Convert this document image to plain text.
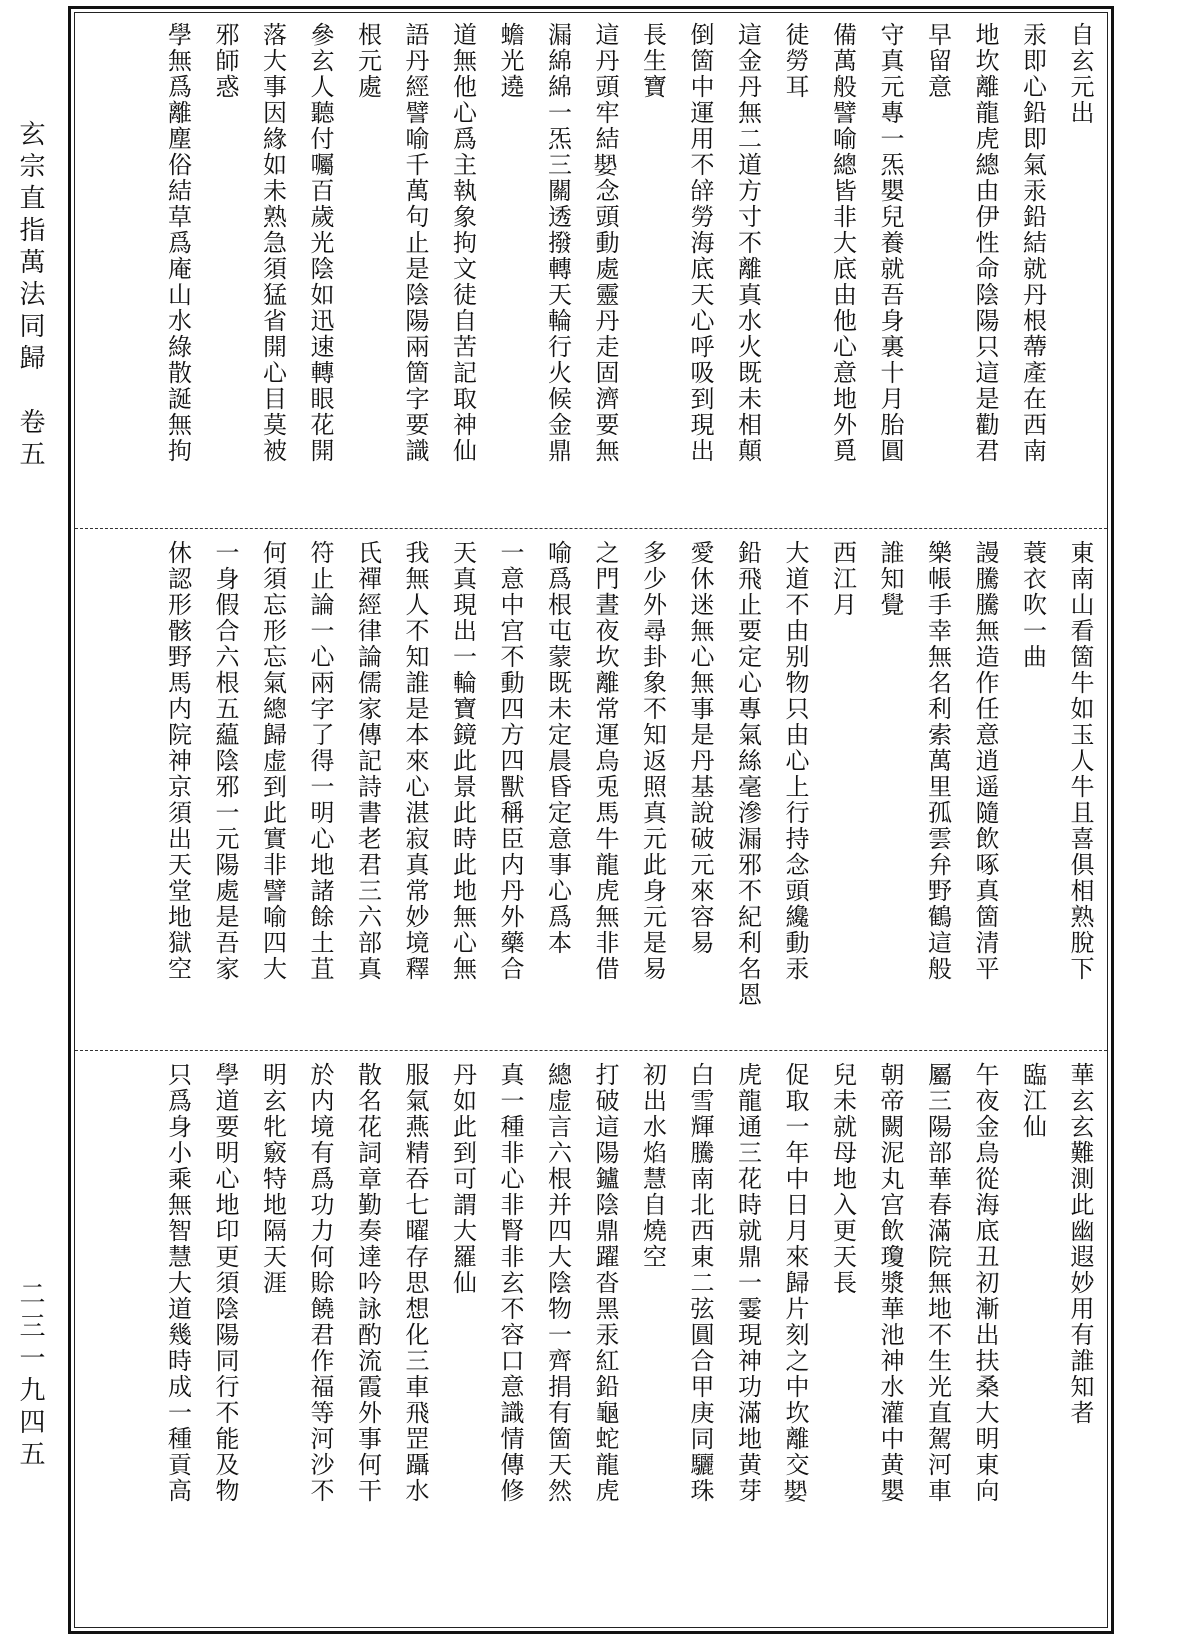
玄宗直指萬法同歸　卷五
二三一九四五
自玄元出
汞即心鉛即氣汞鉛結就丹根蔕產在西南
地坎離龍虎總由伊性命陰陽只這是勸君
早留意
守真元專一炁嬰兒養就吾身裏十月胎圓
備萬般譬喻總皆非大底由他心意地外覓
徒勞耳
這金丹無二道方寸不離真水火既未相顛
倒箇中運用不辝勞海底天心呼吸到現出
長生寶
這丹頭牢結𡢁念頭動處靈丹走固濟要無
漏綿綿一炁三關透撥轉天輪行火候金鼎
蟾光遶
道無他心爲主執象拘文徒自苦記取神仙
語丹經譬喻千萬句止是陰陽兩箇字要識
根元處
參玄人聽付囑百歲光陰如迅速轉眼花開
落大事因緣如未熟急須猛省開心目莫被
邪師惑
學無爲離塵俗結草爲庵山水綠散誕無拘
東南山看箇牛如玉人牛且喜俱相熟脫下
蓑衣吹一曲
謾騰騰無造作任意逍遥隨飲啄真箇清平
樂帳手幸無名利索萬里孤雲弁野鶴這般
誰知覺
西江月
大道不由别物只由心上行持念頭纔動汞
鉛飛止要定心專氣絲毫滲漏邪不紀利名恩
愛休迷無心無事是丹基說破元來容易
多少外尋卦象不知返照真元此身元是易
之門晝夜坎離常運烏兎馬牛龍虎無非借
喻爲根屯蒙既未定晨昏定意事心爲本
一意中宫不動四方四獸稱臣内丹外藥合
天真現出一輪寶鏡此景此時此地無心無
我無人不知誰是本來心湛寂真常妙境釋
氏禪經律論儒家傳記詩書老君三六部真
符止論一心兩字了得一明心地諸餘土苴
何須忘形忘氣總歸虚到此實非譬喻四大
一身假合六根五藴陰邪一元陽處是吾家
休認形骸野馬内院神京須出天堂地獄空
華玄玄難測此幽遐妙用有誰知者
臨江仙
午夜金烏從海底丑初漸出扶桑大明東向
屬三陽部華春滿院無地不生光直駕河車
朝帝闕泥丸宫飲瓊漿華池神水灌中黄嬰
兒未就母地入更天長
促取一年中日月來歸片刻之中坎離交𡢁
虎龍通三花時就鼎一霎現神功滿地黄芽
白雪輝騰南北西東二弦圓合甲庚同驪珠
初出水焰慧自燒空
打破這陽鑪陰鼎躍沓黑汞紅鉛龜蛇龍虎
總虚言六根并四大陰物一齊捐有箇天然
真一種非心非腎非玄不容口意識情傳修
丹如此到可謂大羅仙
服氣燕精吞七曜存思想化三車飛罡躡水
散名花詞章勤奏達吟詠酌流霞外事何干
於内境有爲功力何賒饒君作福等河沙不
明玄牝竅特地隔天涯
學道要明心地印更須陰陽同行不能及物
只爲身小乘無智慧大道幾時成一種貢高
